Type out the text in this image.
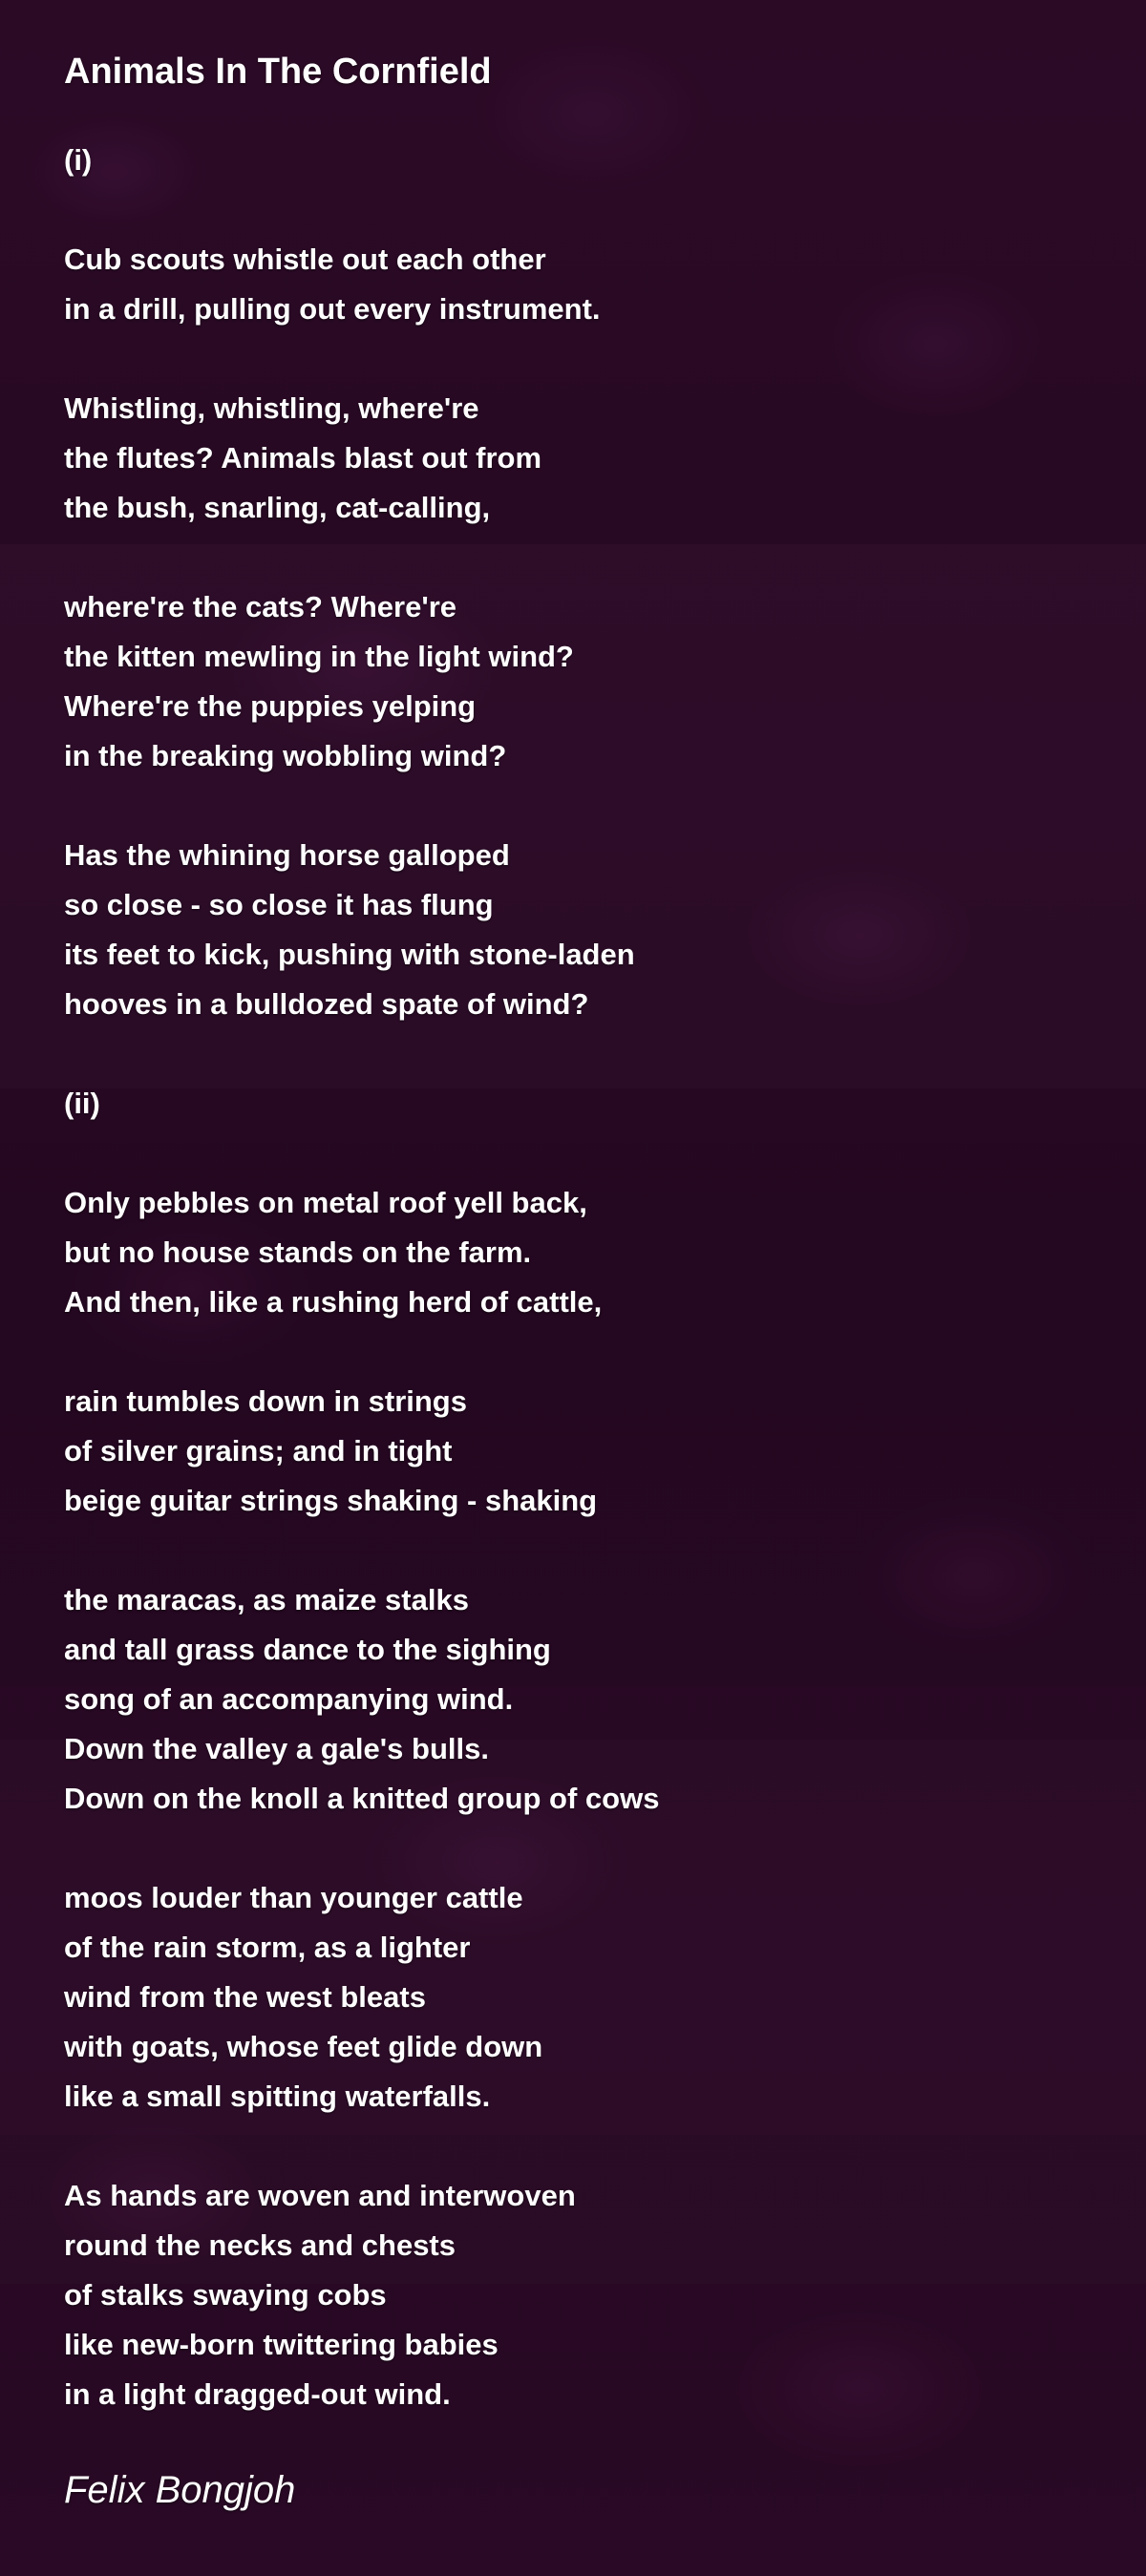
Animals In The Cornfield
(i)
Cub scouts whistle out each other
in a drill, pulling out every instrument.
Whistling, whistling, where're
the flutes? Animals blast out from
the bush, snarling, cat-calling,
where're the cats? Where're
the kitten mewling in the light wind?
Where're the puppies yelping
in the breaking wobbling wind?
Has the whining horse galloped
so close - so close it has flung
its feet to kick, pushing with stone-laden
hooves in a bulldozed spate of wind?
(ii)
Only pebbles on metal roof yell back,
but no house stands on the farm.
And then, like a rushing herd of cattle,
rain tumbles down in strings
of silver grains; and in tight
beige guitar strings shaking - shaking
the maracas, as maize stalks
and tall grass dance to the sighing
song of an accompanying wind.
Down the valley a gale's bulls.
Down on the knoll a knitted group of cows
moos louder than younger cattle
of the rain storm, as a lighter
wind from the west bleats
with goats, whose feet glide down
like a small spitting waterfalls.
As hands are woven and interwoven
round the necks and chests
of stalks swaying cobs
like new-born twittering babies
in a light dragged-out wind.
Felix Bongjoh
